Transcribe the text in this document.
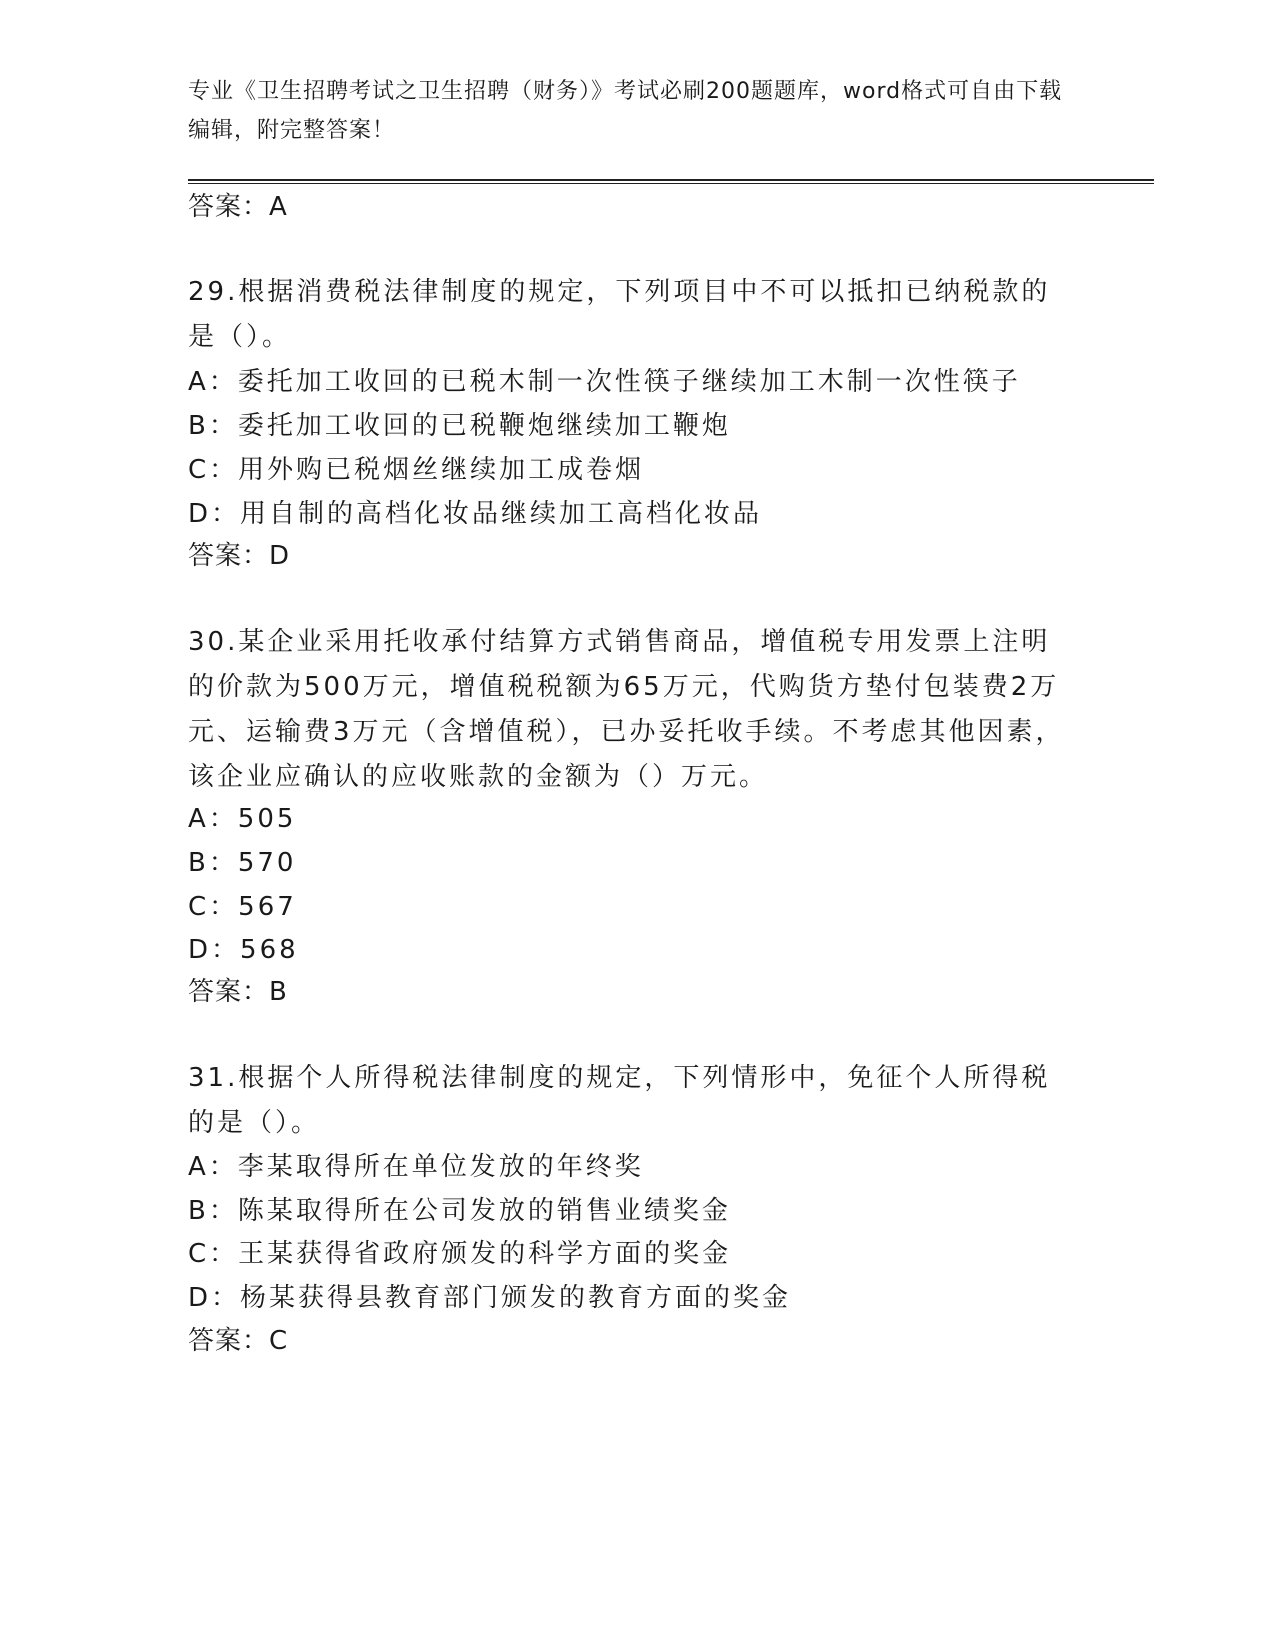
专业《卫生招聘考试之卫生招聘（财务）》考试必刷200题题库，word格式可自由下载编辑，附完整答案！
答案：A
29.根据消费税法律制度的规定，下列项目中不可以抵扣已纳税款的是（）。
A：委托加工收回的已税木制一次性筷子继续加工木制一次性筷子
B：委托加工收回的已税鞭炮继续加工鞭炮
C：用外购已税烟丝继续加工成卷烟
D：用自制的高档化妆品继续加工高档化妆品
答案：D
30.某企业采用托收承付结算方式销售商品，增值税专用发票上注明的价款为500万元，增值税税额为65万元，代购货方垫付包装费2万元、运输费3万元（含增值税），已办妥托收手续。不考虑其他因素，该企业应确认的应收账款的金额为（）万元。
A：505
B：570
C：567
D：568
答案：B
31.根据个人所得税法律制度的规定，下列情形中，免征个人所得税的是（）。
A：李某取得所在单位发放的年终奖
B：陈某取得所在公司发放的销售业绩奖金
C：王某获得省政府颁发的科学方面的奖金
D：杨某获得县教育部门颁发的教育方面的奖金
答案：C
